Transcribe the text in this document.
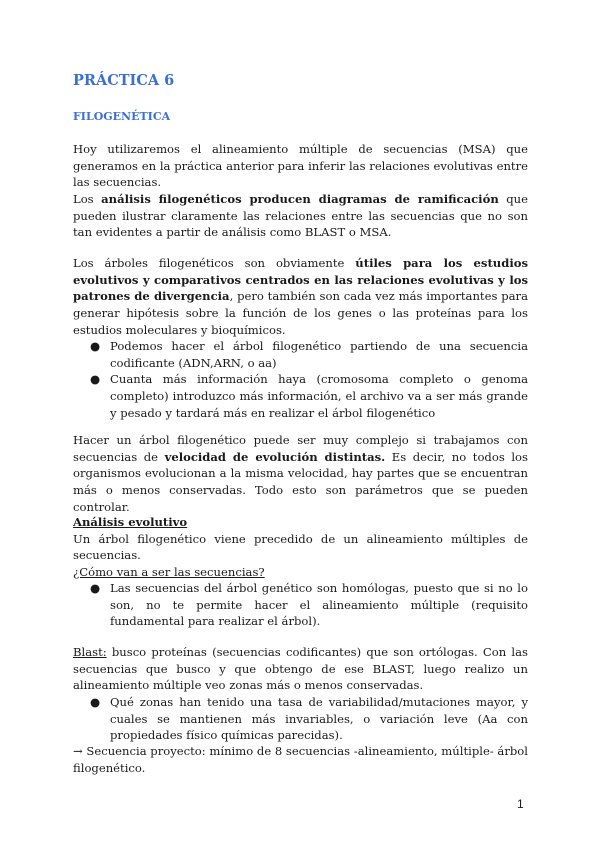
PRÁCTICA 6
FILOGENÉTICA

Hoy utilizaremos el alineamiento múltiple de secuencias (MSA) que generamos en la práctica anterior para inferir las relaciones evolutivas entre las secuencias.

Los análisis filogenéticos producen diagramas de ramificación que pueden ilustrar claramente las relaciones entre las secuencias que no son tan evidentes a partir de análisis como BLAST o MSA.

Los árboles filogenéticos son obviamente útiles para los estudios evolutivos y comparativos centrados en las relaciones evolutivas y los patrones de divergencia, pero también son cada vez más importantes para generar hipótesis sobre la función de los genes o las proteínas para los estudios moleculares y bioquímicos.

● Podemos hacer el árbol filogenético partiendo de una secuencia codificante (ADN,ARN, o aa)
● Cuanta más información haya (cromosoma completo o genoma completo) introduzco más información, el archivo va a ser más grande y pesado y tardará más en realizar el árbol filogenético

Hacer un árbol filogenético puede ser muy complejo si trabajamos con secuencias de velocidad de evolución distintas. Es decir, no todos los organismos evolucionan a la misma velocidad, hay partes que se encuentran más o menos conservadas. Todo esto son parámetros que se pueden controlar.

Análisis evolutivo
Un árbol filogenético viene precedido de un alineamiento múltiples de secuencias.

¿Cómo van a ser las secuencias?

● Las secuencias del árbol genético son homólogas, puesto que si no lo son, no te permite hacer el alineamiento múltiple (requisito fundamental para realizar el árbol).

Blast: busco proteínas (secuencias codificantes) que son ortólogas. Con las secuencias que busco y que obtengo de ese BLAST, luego realizo un alineamiento múltiple veo zonas más o menos conservadas.

● Qué zonas han tenido una tasa de variabilidad/mutaciones mayor, y cuales se mantienen más invariables, o variación leve (Aa con propiedades físico químicas parecidas).

→ Secuencia proyecto: mínimo de 8 secuencias -alineamiento, múltiple- árbol filogenético.

1
